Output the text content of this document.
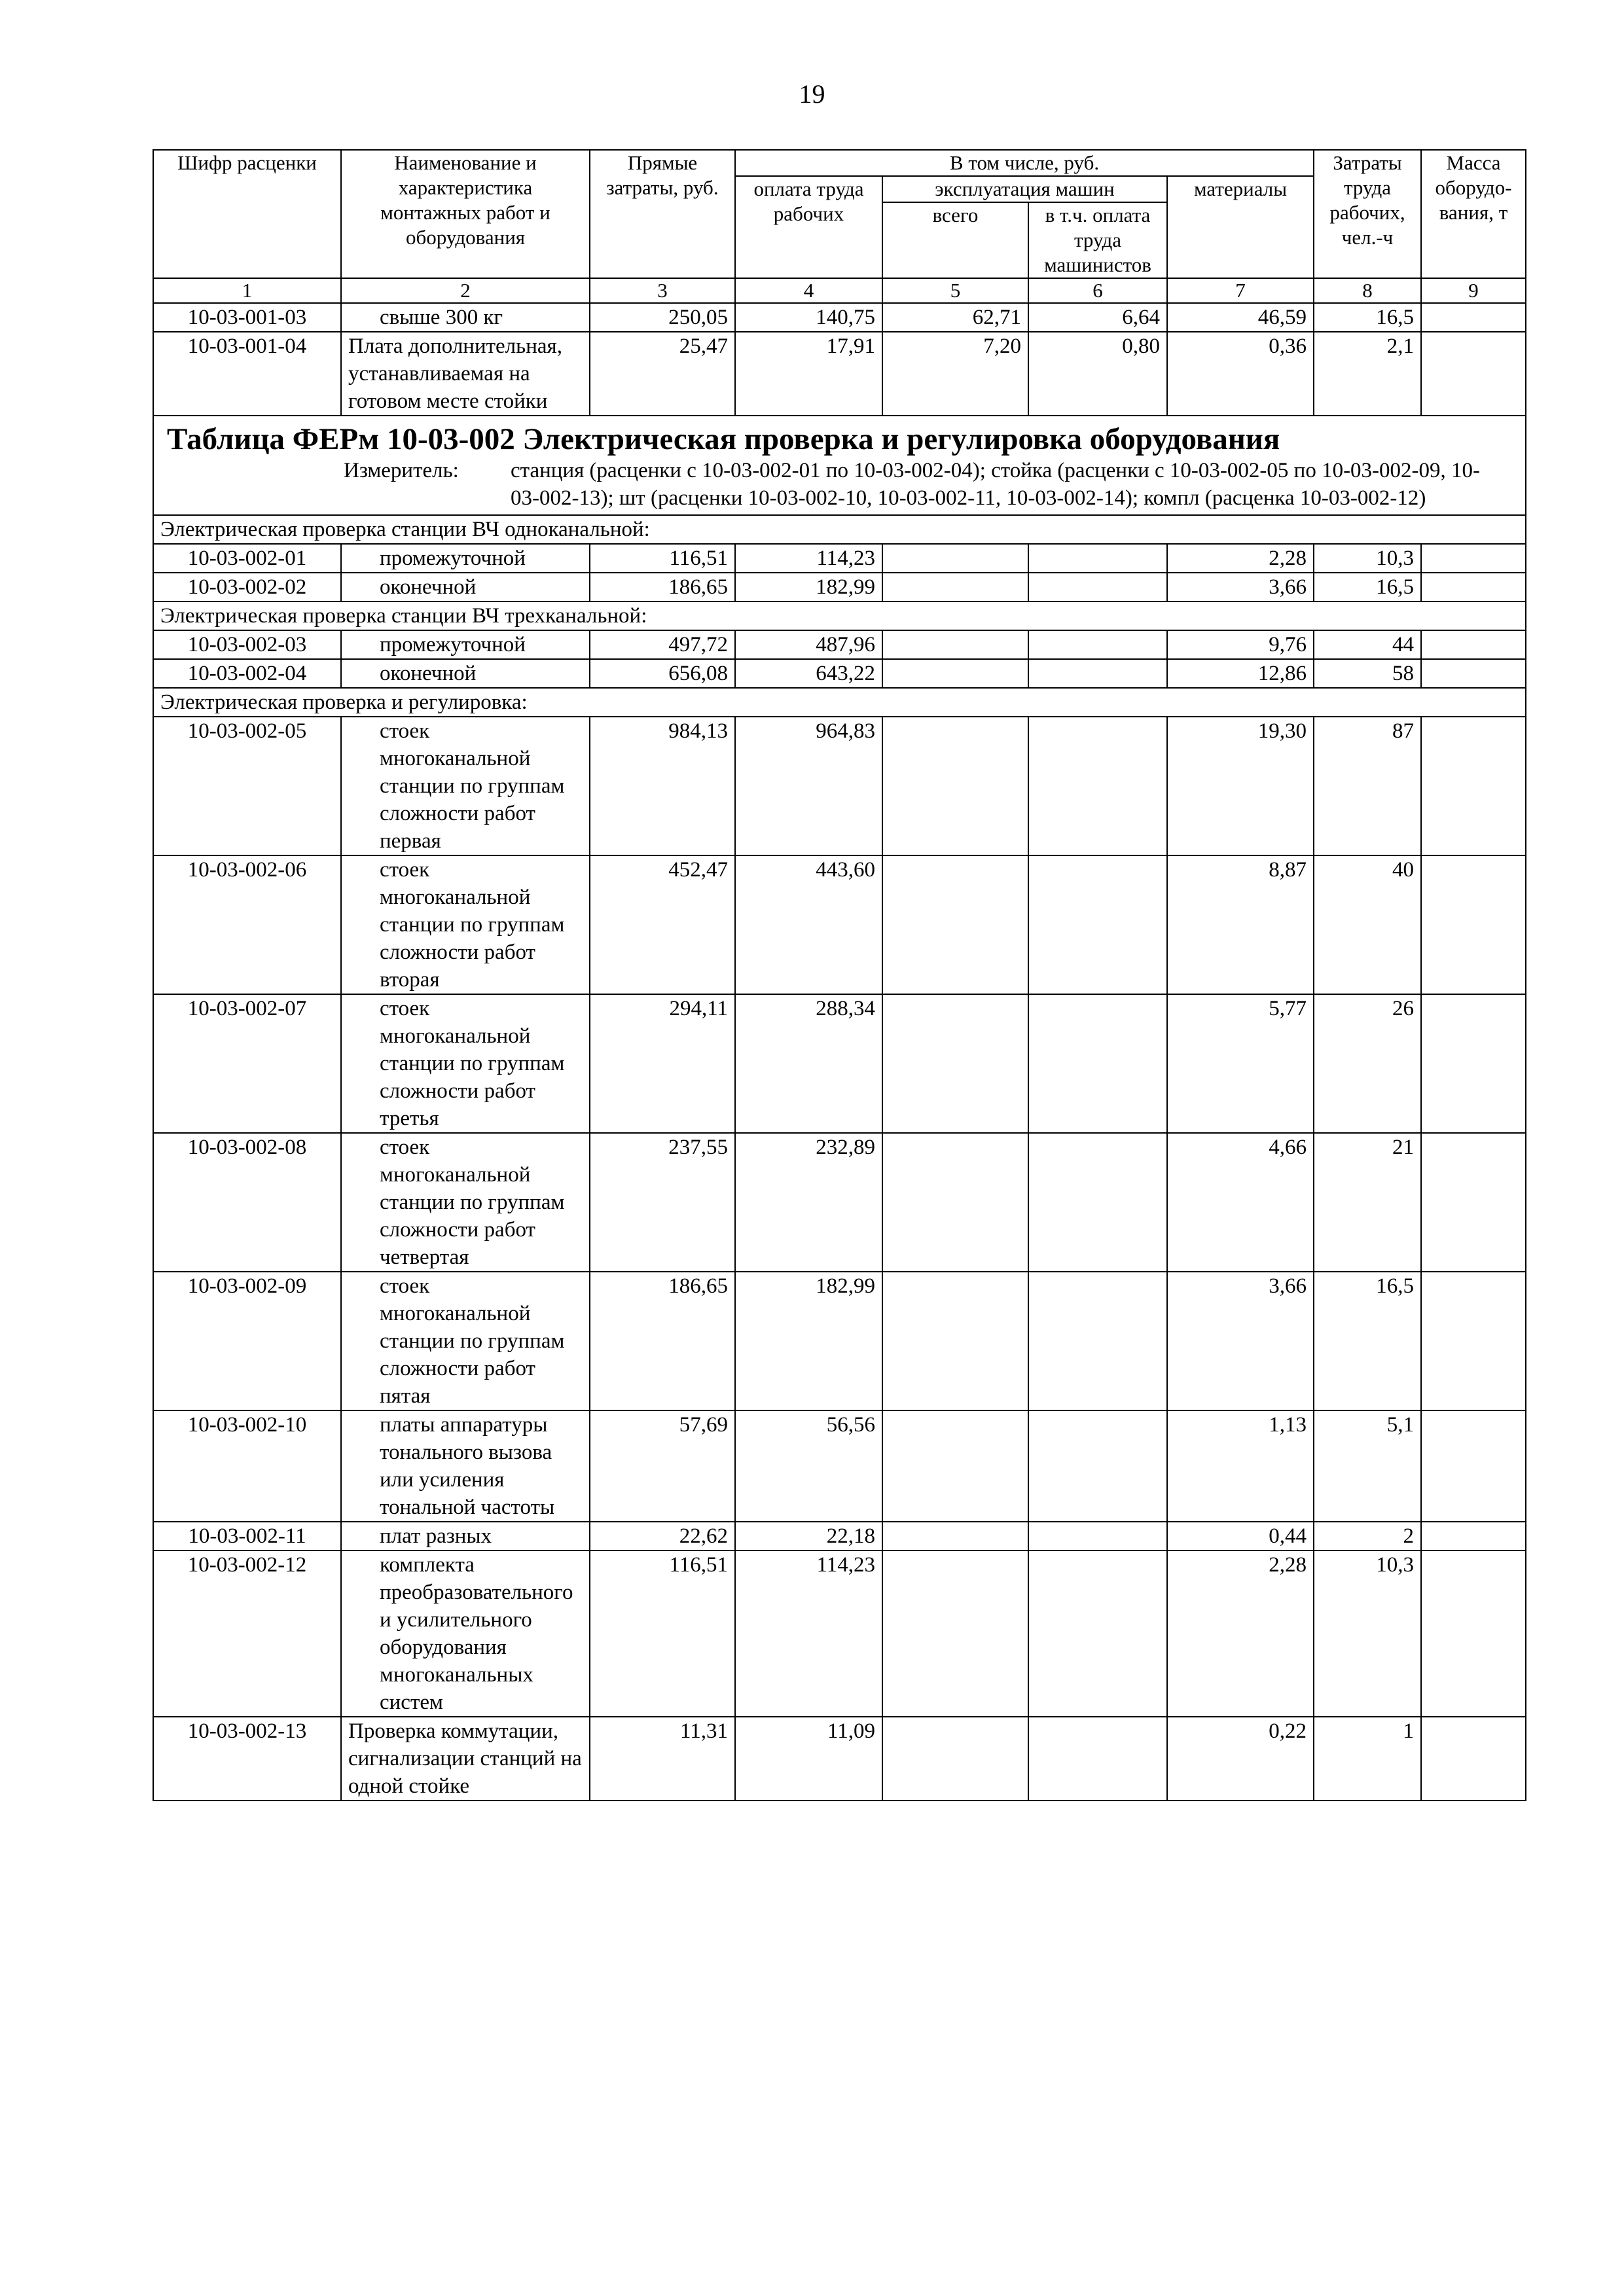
19
Шифр расценки	Наименование и характеристика монтажных работ и оборудования	Прямые затраты, руб.	В том числе, руб.				Затраты труда рабочих, чел.-ч	Масса оборудо-вания, т
			оплата труда рабочих	эксплуатация машин		материалы		
				всего	в т.ч. оплата труда машинистов			
1	2	3	4	5	6	7	8	9
10-03-001-03	свыше 300 кг	250,05	140,75	62,71	6,64	46,59	16,5	
10-03-001-04	Плата дополнительная, устанавливаемая на готовом месте стойки	25,47	17,91	7,20	0,80	0,36	2,1	

Таблица ФЕРм 10-03-002 Электрическая проверка и регулировка оборудования
Измеритель: станция (расценки с 10-03-002-01 по 10-03-002-04); стойка (расценки с 10-03-002-05 по 10-03-002-09, 10-03-002-13); шт (расценки 10-03-002-10, 10-03-002-11, 10-03-002-14); компл (расценка 10-03-002-12)								

Электрическая проверка станции ВЧ одноканальной:								
10-03-002-01	промежуточной	116,51	114,23			2,28	10,3	
10-03-002-02	оконечной	186,65	182,99			3,66	16,5	
Электрическая проверка станции ВЧ трехканальной:								
10-03-002-03	промежуточной	497,72	487,96			9,76	44	
10-03-002-04	оконечной	656,08	643,22			12,86	58	
Электрическая проверка и регулировка:								
10-03-002-05	стоек многоканальной станции по группам сложности работ первая	984,13	964,83			19,30	87	
10-03-002-06	стоек многоканальной станции по группам сложности работ вторая	452,47	443,60			8,87	40	
10-03-002-07	стоек многоканальной станции по группам сложности работ третья	294,11	288,34			5,77	26	
10-03-002-08	стоек многоканальной станции по группам сложности работ четвертая	237,55	232,89			4,66	21	
10-03-002-09	стоек многоканальной станции по группам сложности работ пятая	186,65	182,99			3,66	16,5	
10-03-002-10	платы аппаратуры тонального вызова или усиления тональной частоты	57,69	56,56			1,13	5,1	
10-03-002-11	плат разных	22,62	22,18			0,44	2	
10-03-002-12	комплекта преобразовательного и усилительного оборудования многоканальных систем	116,51	114,23			2,28	10,3	
10-03-002-13	Проверка коммутации, сигнализации станций на одной стойке	11,31	11,09			0,22	1	
